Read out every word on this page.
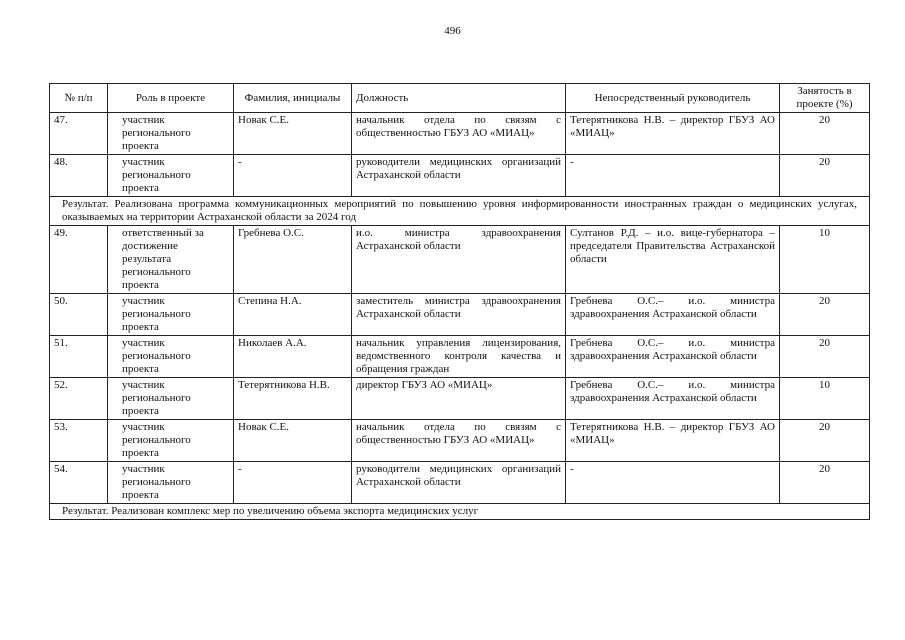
496
№ п/п	Роль в проекте	Фамилия, инициалы	Должность	Непосредственный руководитель	Занятость в проекте (%)
47.	участник регионального проекта	Новак С.Е.	начальник отдела по связям с общественностью ГБУЗ АО «МИАЦ»	Тетерятникова Н.В. – директор ГБУЗ АО «МИАЦ»	20
48.	участник регионального проекта	-	руководители медицинских организаций Астраханской области	-	20
Результат. Реализована программа коммуникационных мероприятий по повышению уровня информированности иностранных граждан о медицинских услугах, оказываемых на территории Астраханской области за 2024 год					
49.	ответственный за достижение результата регионального проекта	Гребнева О.С.	и.о. министра здравоохранения Астраханской области	Султанов Р.Д. – и.о. вице-губернатора – председателя Правительства Астраханской области	10
50.	участник регионального проекта	Степина Н.А.	заместитель министра здравоохранения Астраханской области	Гребнева О.С.– и.о. министра здравоохранения Астраханской области	20
51.	участник регионального проекта	Николаев А.А.	начальник управления лицензирования, ведомственного контроля качества и обращения граждан	Гребнева О.С.– и.о. министра здравоохранения Астраханской области	20
52.	участник регионального проекта	Тетерятникова Н.В.	директор ГБУЗ АО «МИАЦ»	Гребнева О.С.– и.о. министра здравоохранения Астраханской области	10
53.	участник регионального проекта	Новак С.Е.	начальник отдела по связям с общественностью ГБУЗ АО «МИАЦ»	Тетерятникова Н.В. – директор ГБУЗ АО «МИАЦ»	20
54.	участник регионального проекта	-	руководители медицинских организаций Астраханской области	-	20
Результат. Реализован комплекс мер по увеличению объема экспорта медицинских услуг					
